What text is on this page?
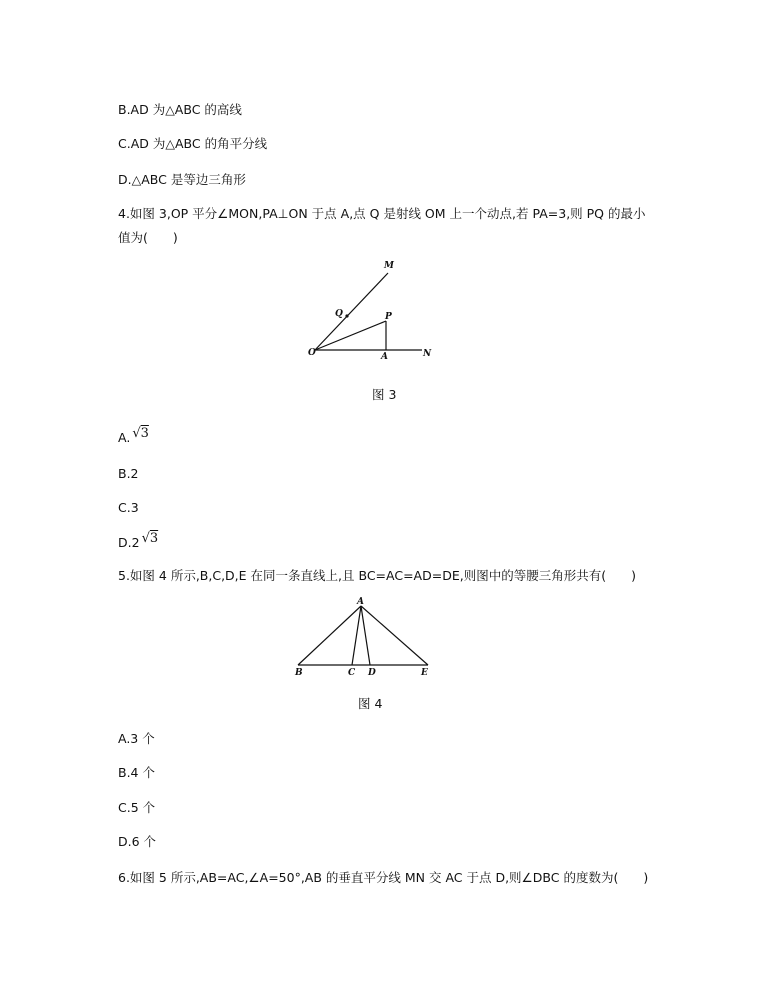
B.AD 为△ABC 的高线
C.AD 为△ABC 的角平分线
D.△ABC 是等边三角形
4.如图 3,OP 平分∠MON,PA⊥ON 于点 A,点 Q 是射线 OM 上一个动点,若 PA=3,则 PQ 的最小
值为(　　)
M
Q	P
O	A	N
图 3
A. √3
B.2
C.3
D.2 √3
5.如图 4 所示,B,C,D,E 在同一条直线上,且 BC=AC=AD=DE,则图中的等腰三角形共有(　　)
A
B	C D	E
图 4
A.3 个
B.4 个
C.5 个
D.6 个
6.如图 5 所示,AB=AC,∠A=50°,AB 的垂直平分线 MN 交 AC 于点 D,则∠DBC 的度数为(　　)
